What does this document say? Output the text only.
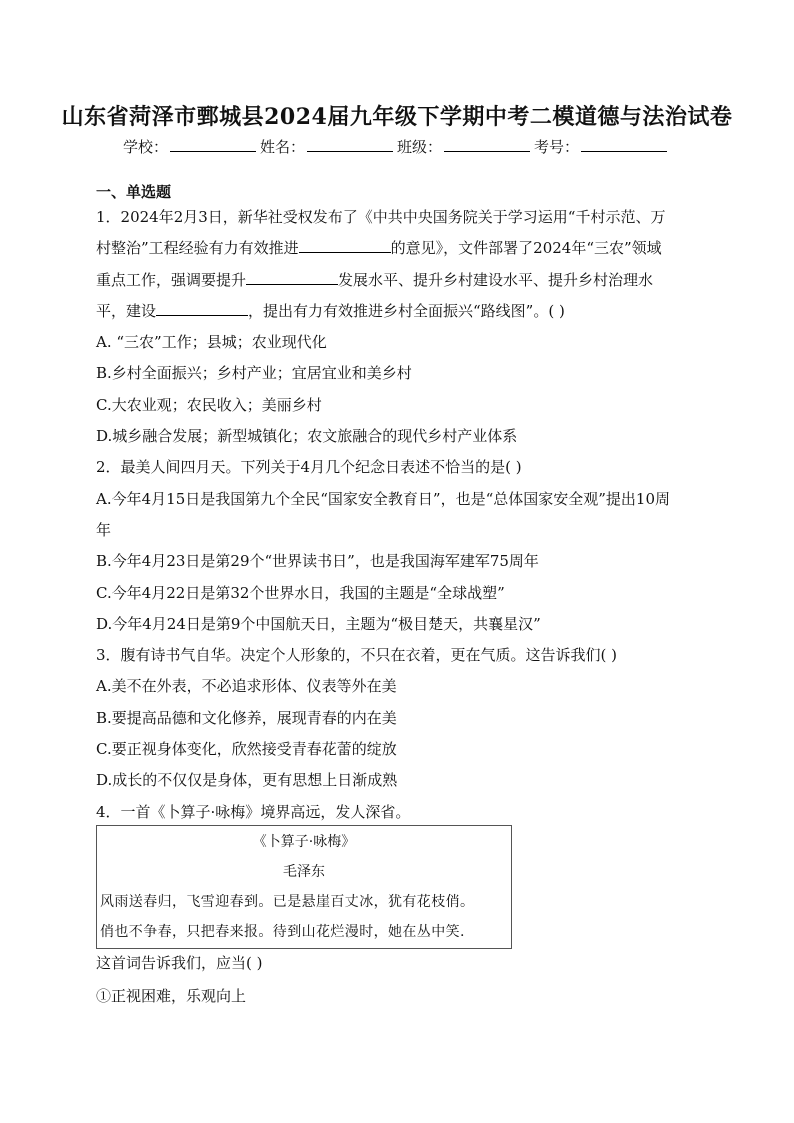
山东省菏泽市鄄城县2024届九年级下学期中考二模道德与法治试卷
学校：	姓名：	班级：	考号：
一、单选题
1．2024年2月3日，新华社受权发布了《中共中央国务院关于学习运用“千村示范、万
村整治”工程经验有力有效推进	的意见》，文件部署了2024年“三农”领域
重点工作，强调要提升	发展水平、提升乡村建设水平、提升乡村治理水
平，建设	，提出有力有效推进乡村全面振兴“路线图”。( )
A. “三农”工作；县城；农业现代化
B.乡村全面振兴；乡村产业；宜居宜业和美乡村
C.大农业观；农民收入；美丽乡村
D.城乡融合发展；新型城镇化；农文旅融合的现代乡村产业体系
2．最美人间四月天。下列关于4月几个纪念日表述不恰当的是( )
A.今年4月15日是我国第九个全民“国家安全教育日”，也是“总体国家安全观”提出10周
年
B.今年4月23日是第29个“世界读书日”，也是我国海军建军75周年
C.今年4月22日是第32个世界水日，我国的主题是“全球战塑”
D.今年4月24日是第9个中国航天日，主题为“极目楚天，共襄星汉”
3．腹有诗书气自华。决定个人形象的，不只在衣着，更在气质。这告诉我们( )
A.美不在外表，不必追求形体、仪表等外在美
B.要提高品德和文化修养，展现青春的内在美
C.要正视身体变化，欣然接受青春花蕾的绽放
D.成长的不仅仅是身体，更有思想上日渐成熟
4．一首《卜算子·咏梅》境界高远，发人深省。
《卜算子·咏梅》
毛泽东
风雨送春归，飞雪迎春到。已是悬崖百丈冰，犹有花枝俏。
俏也不争春，只把春来报。待到山花烂漫时，她在丛中笑.
这首词告诉我们，应当( )
①正视困难，乐观向上
